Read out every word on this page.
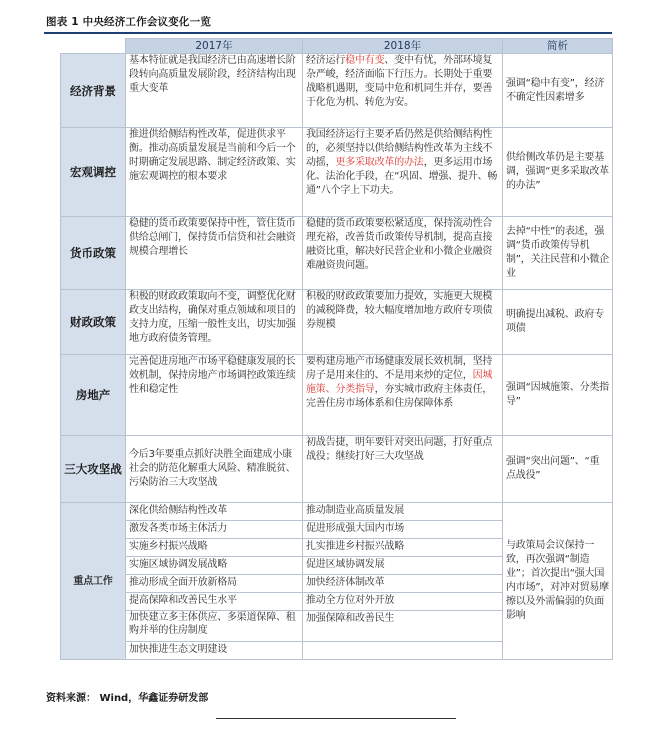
图表 1 中央经济工作会议变化一览
	2017年	2018年	简析
经济背景	基本特征就是我国经济已由高速增长阶段转向高质量发展阶段，经济结构出现重大变革	经济运行稳中有变、变中有忧，外部环境复杂严峻，经济面临下行压力。长期处于重要战略机遇期，变局中危和机同生并存，要善于化危为机、转危为安。	强调“稳中有变”，经济不确定性因素增多
宏观调控	推进供给侧结构性改革，促进供求平衡。推动高质量发展是当前和今后一个时期确定发展思路、制定经济政策、实施宏观调控的根本要求	我国经济运行主要矛盾仍然是供给侧结构性的，必须坚持以供给侧结构性改革为主线不动摇，更多采取改革的办法，更多运用市场化、法治化手段，在“巩固、增强、提升、畅通”八个字上下功夫。	供给侧改革仍是主要基调，强调“更多采取改革的办法”
货币政策	稳健的货币政策要保持中性，管住货币供给总闸门，保持货币信贷和社会融资规模合理增长	稳健的货币政策要松紧适度，保持流动性合理充裕，改善货币政策传导机制，提高直接融资比重，解决好民营企业和小微企业融资难融资贵问题。	去掉“中性”的表述，强调“货币政策传导机制”，关注民营和小微企业
财政政策	积极的财政政策取向不变，调整优化财政支出结构，确保对重点领域和项目的支持力度，压缩一般性支出，切实加强地方政府债务管理。	积极的财政政策要加力提效，实施更大规模的减税降费，较大幅度增加地方政府专项债券规模	明确提出减税、政府专项债
房地产	完善促进房地产市场平稳健康发展的长效机制，保持房地产市场调控政策连续性和稳定性	要构建房地产市场健康发展长效机制，坚持房子是用来住的、不是用来炒的定位，因城施策、分类指导，夯实城市政府主体责任，完善住房市场体系和住房保障体系	强调“因城施策、分类指导”
三大攻坚战	今后3年要重点抓好决胜全面建成小康社会的防范化解重大风险、精准脱贫、污染防治三大攻坚战	初战告捷，明年要针对突出问题，打好重点战役；继续打好三大攻坚战	强调“突出问题”、“重点战役”
重点工作	深化供给侧结构性改革	推动制造业高质量发展	与政策局会议保持一致，再次强调“制造业”；首次提出“强大国内市场”，对冲对贸易摩擦以及外需偏弱的负面影响
	激发各类市场主体活力	促进形成强大国内市场	
	实施乡村振兴战略	扎实推进乡村振兴战略	
	实施区域协调发展战略	促进区域协调发展	
	推动形成全面开放新格局	加快经济体制改革	
	提高保障和改善民生水平	推动全方位对外开放	
	加快建立多主体供应、多渠道保障、租购并举的住房制度	加强保障和改善民生	
	加快推进生态文明建设		
资料来源： Wind，华鑫证券研发部
